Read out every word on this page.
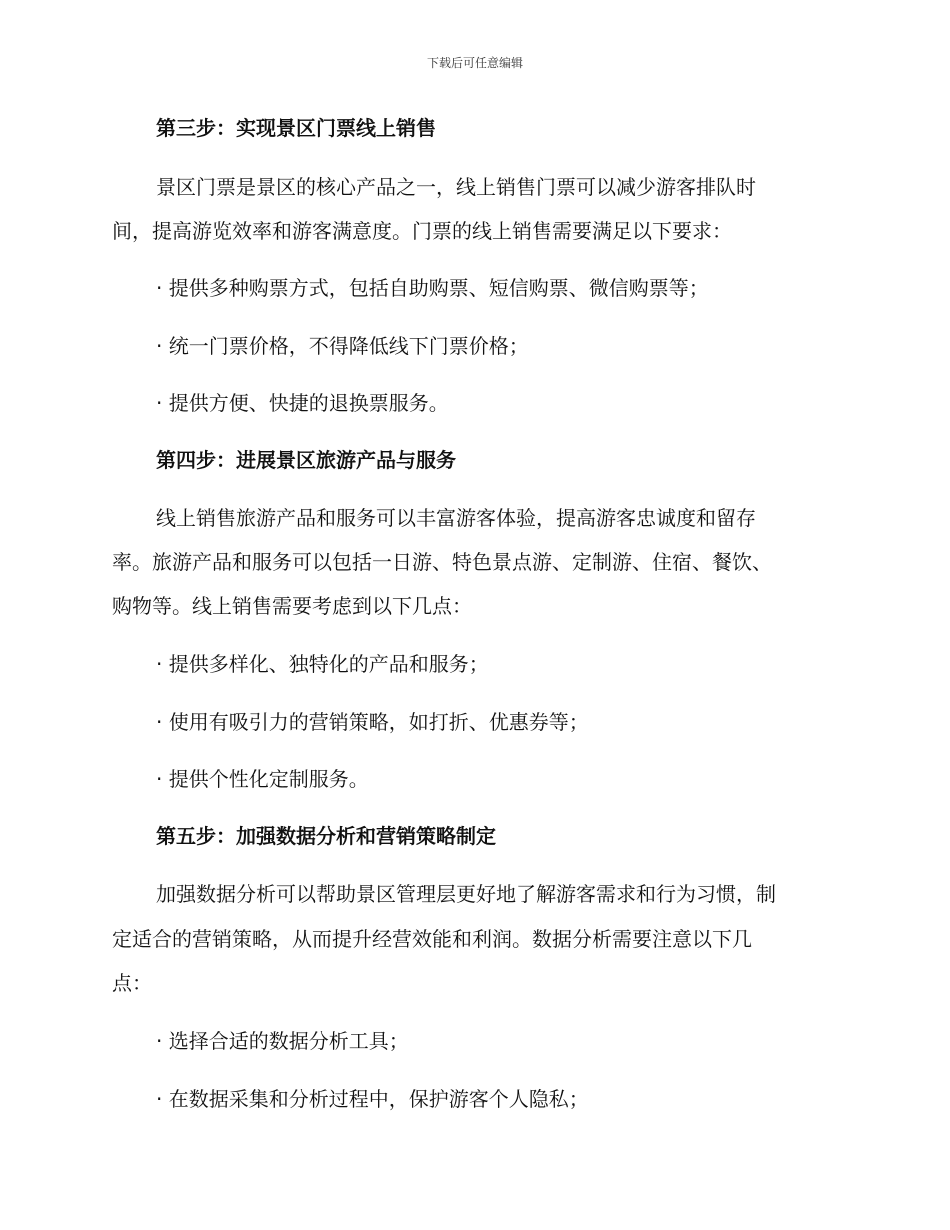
下载后可任意编辑
第三步：实现景区门票线上销售
景区门票是景区的核心产品之一，线上销售门票可以减少游客排队时
间，提高游览效率和游客满意度。门票的线上销售需要满足以下要求：
· 提供多种购票方式，包括自助购票、短信购票、微信购票等；
· 统一门票价格，不得降低线下门票价格；
· 提供方便、快捷的退换票服务。
第四步：进展景区旅游产品与服务
线上销售旅游产品和服务可以丰富游客体验，提高游客忠诚度和留存
率。旅游产品和服务可以包括一日游、特色景点游、定制游、住宿、餐饮、
购物等。线上销售需要考虑到以下几点：
· 提供多样化、独特化的产品和服务；
· 使用有吸引力的营销策略，如打折、优惠券等；
· 提供个性化定制服务。
第五步：加强数据分析和营销策略制定
加强数据分析可以帮助景区管理层更好地了解游客需求和行为习惯，制
定适合的营销策略，从而提升经营效能和利润。数据分析需要注意以下几
点：
· 选择合适的数据分析工具；
· 在数据采集和分析过程中，保护游客个人隐私；
